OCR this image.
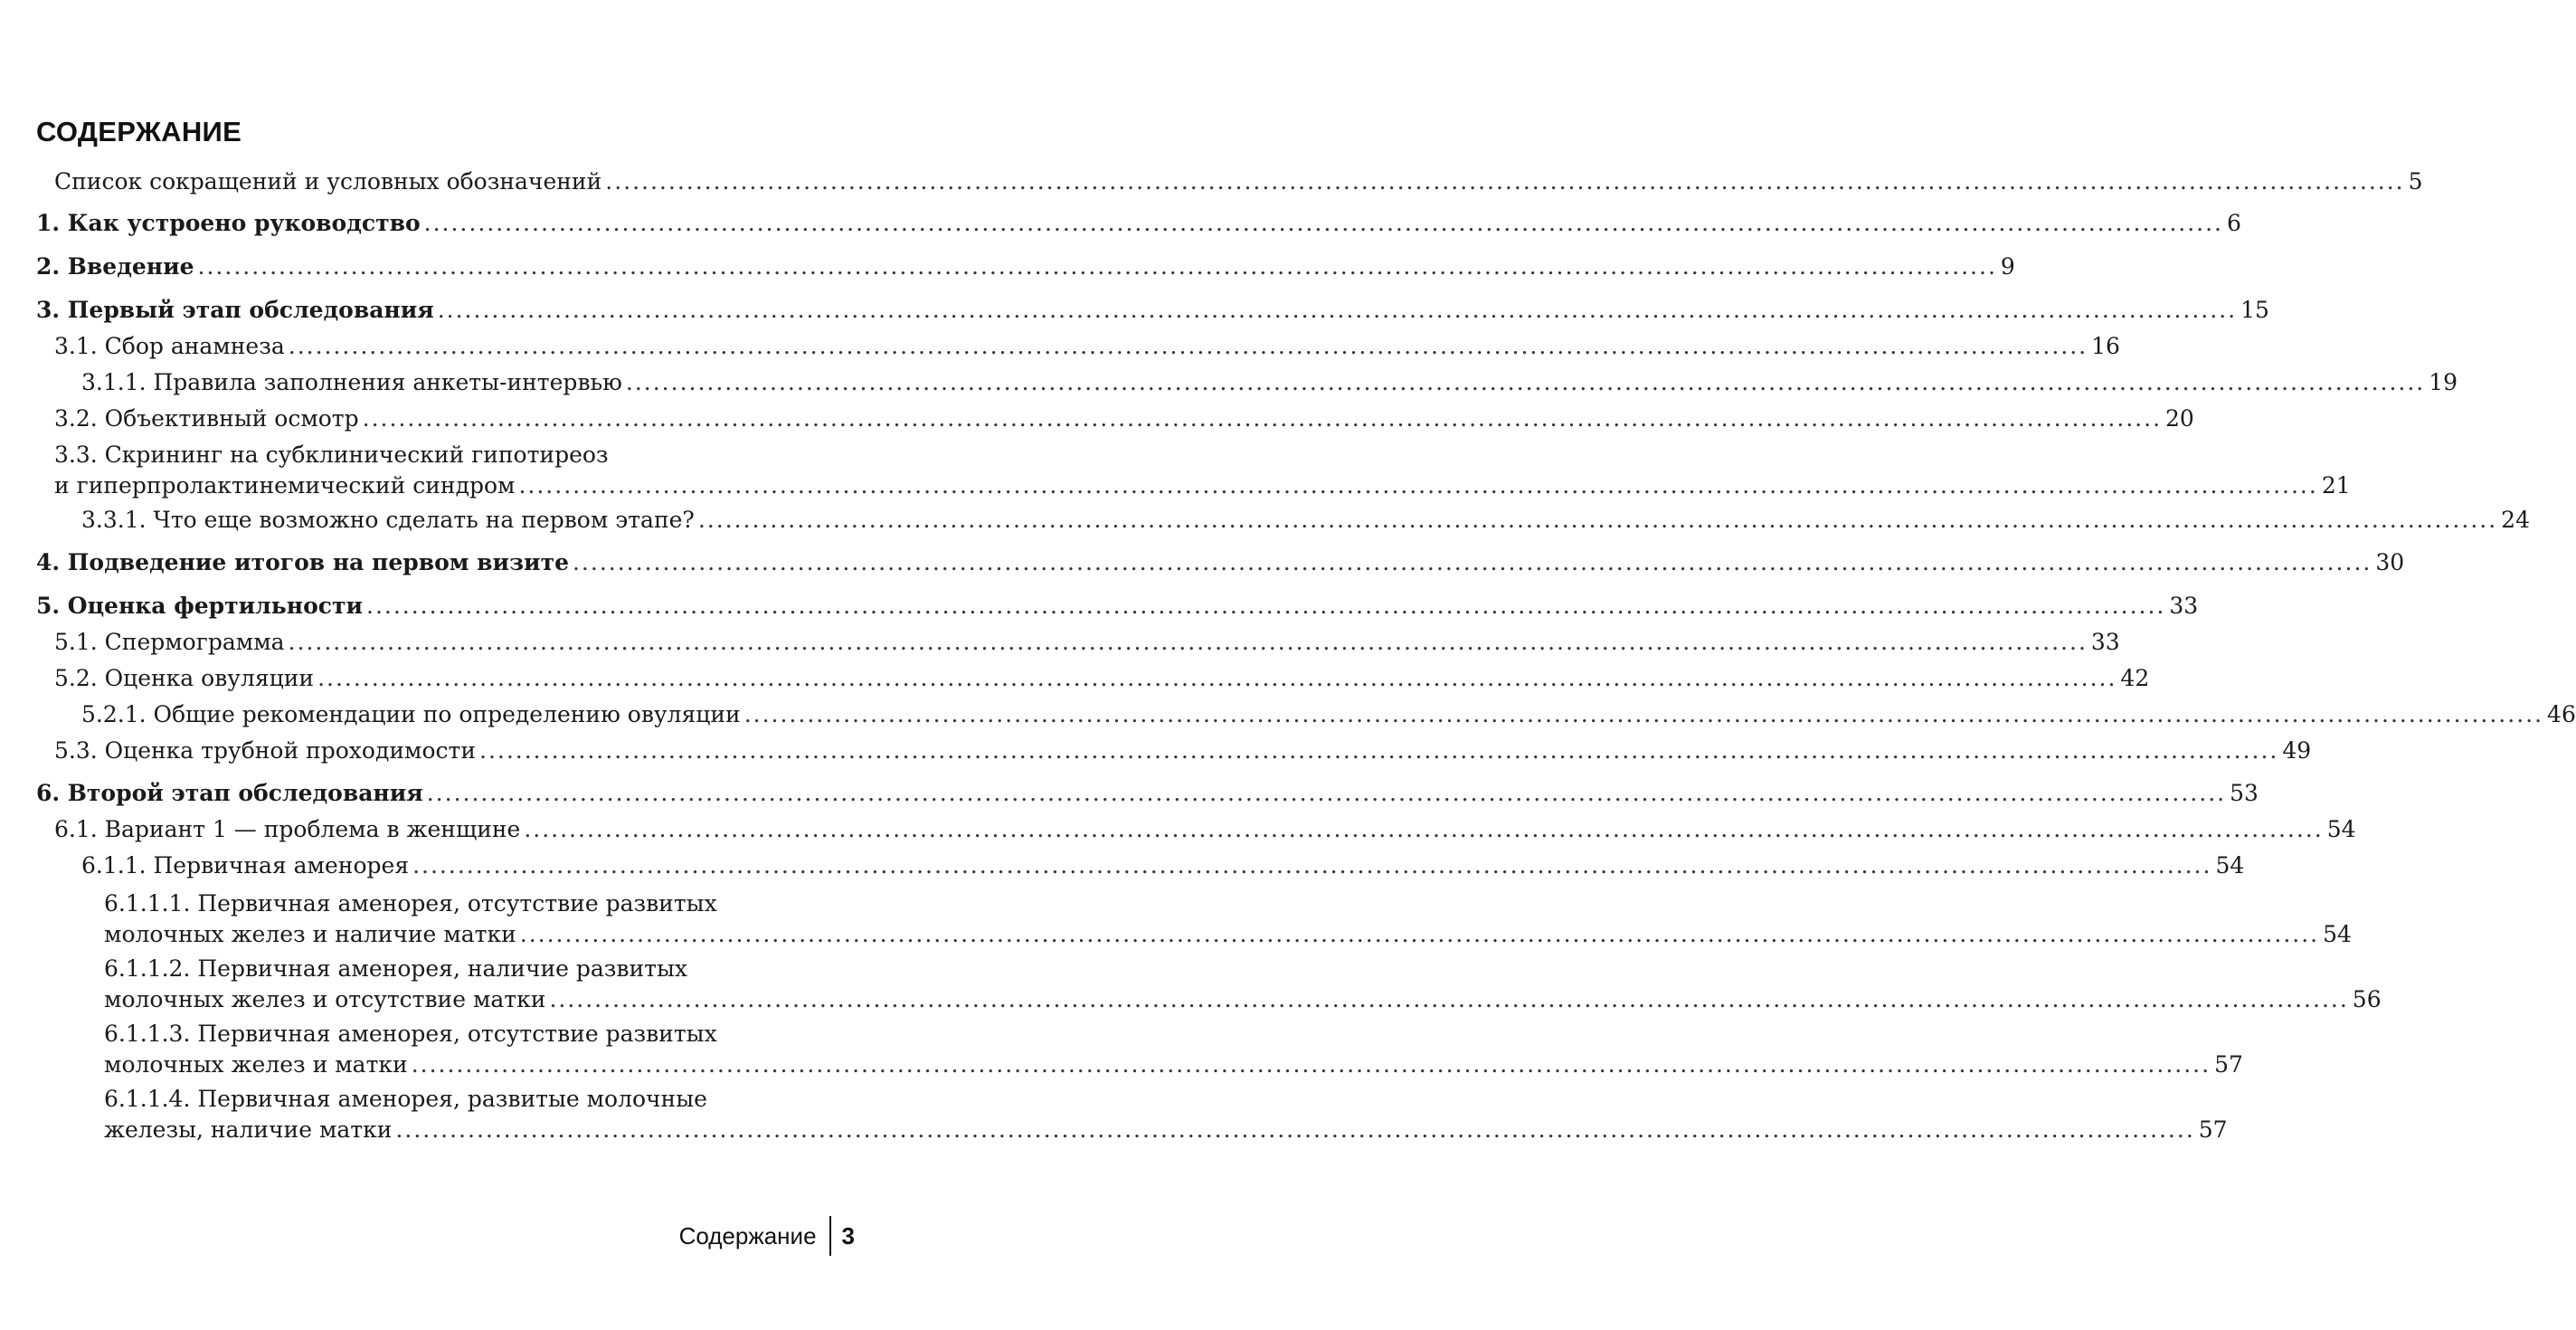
СОДЕРЖАНИЕ
Список сокращений и условных обозначений ........................................................................................................................................................................................................ 5
1. Как устроено руководство ........................................................................................................................................................................................................ 6
2. Введение ........................................................................................................................................................................................................ 9
3. Первый этап обследования ........................................................................................................................................................................................................ 15
3.1. Сбор анамнеза ........................................................................................................................................................................................................ 16
3.1.1. Правила заполнения анкеты-интервью ........................................................................................................................................................................................................ 19
3.2. Объективный осмотр ........................................................................................................................................................................................................ 20
3.3. Скрининг на субклинический гипотиреоз
и гиперпролактинемический синдром ........................................................................................................................................................................................................ 21
3.3.1. Что еще возможно сделать на первом этапе? ........................................................................................................................................................................................................ 24
4. Подведение итогов на первом визите ........................................................................................................................................................................................................ 30
5. Оценка фертильности ........................................................................................................................................................................................................ 33
5.1. Спермограмма ........................................................................................................................................................................................................ 33
5.2. Оценка овуляции ........................................................................................................................................................................................................ 42
5.2.1. Общие рекомендации по определению овуляции ........................................................................................................................................................................................................ 46
5.3. Оценка трубной проходимости ........................................................................................................................................................................................................ 49
6. Второй этап обследования ........................................................................................................................................................................................................ 53
6.1. Вариант 1 — проблема в женщине ........................................................................................................................................................................................................ 54
6.1.1. Первичная аменорея ........................................................................................................................................................................................................ 54
6.1.1.1. Первичная аменорея, отсутствие развитых
молочных желез и наличие матки ........................................................................................................................................................................................................ 54
6.1.1.2. Первичная аменорея, наличие развитых
молочных желез и отсутствие матки ........................................................................................................................................................................................................ 56
6.1.1.3. Первичная аменорея, отсутствие развитых
молочных желез и матки ........................................................................................................................................................................................................ 57
6.1.1.4. Первичная аменорея, развитые молочные
железы, наличие матки ........................................................................................................................................................................................................ 57
Содержание 3
